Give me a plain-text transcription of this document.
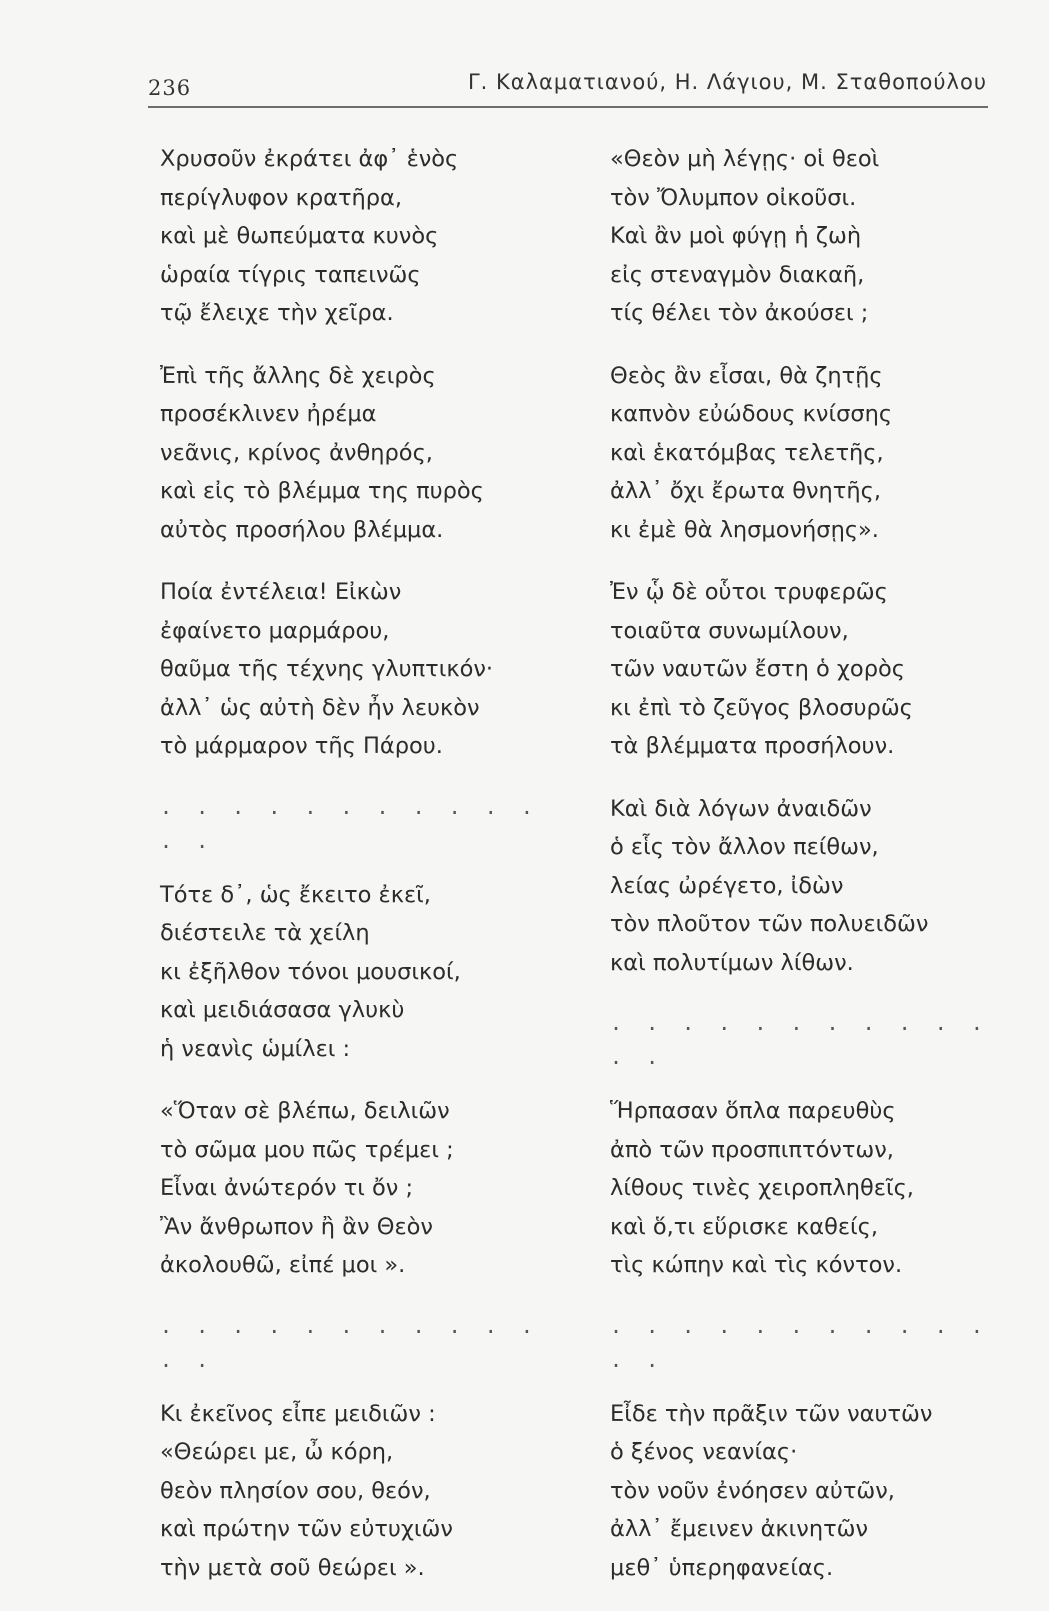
236	Γ. Καλαματιανού, Η. Λάγιου, Μ. Σταθοπούλου
Χρυσοῦν ἐκράτει ἀφ᾽ ἑνὸς
περίγλυφον κρατῆρα,
καὶ μὲ θωπεύματα κυνὸς
ὡραία τίγρις ταπεινῶς
τῷ ἔλειχε τὴν χεῖρα.
Ἐπὶ τῆς ἄλλης δὲ χειρὸς
προσέκλινεν ἠρέμα
νεᾶνις, κρίνος ἀνθηρός,
καὶ εἰς τὸ βλέμμα της πυρὸς
αὐτὸς προσήλου βλέμμα.
Ποία ἐντέλεια! Εἰκὼν
ἐφαίνετο μαρμάρου,
θαῦμα τῆς τέχνης γλυπτικόν·
ἀλλ᾽ ὡς αὐτὴ δὲν ἦν λευκὸν
τὸ μάρμαρον τῆς Πάρου.
. . . . . . . . . . . . .
Τότε δ᾽, ὡς ἔκειτο ἐκεῖ,
διέστειλε τὰ χείλη
κι ἐξῆλθον τόνοι μουσικοί,
καὶ μειδιάσασα γλυκὺ
ἡ νεανὶς ὡμίλει :
«Ὅταν σὲ βλέπω, δειλιῶν
τὸ σῶμα μου πῶς τρέμει ;
Εἶναι ἀνώτερόν τι ὄν ;
Ἂν ἄνθρωπον ἢ ἂν Θεὸν
ἀκολουθῶ, εἰπέ μοι ».
. . . . . . . . . . . . .
Κι ἐκεῖνος εἶπε μειδιῶν :
«Θεώρει με, ὦ κόρη,
θεὸν πλησίον σου, θεόν,
καὶ πρώτην τῶν εὐτυχιῶν
τὴν μετὰ σοῦ θεώρει ».
«Θεὸν μὴ λέγῃς· οἱ θεοὶ
τὸν Ὄλυμπον οἰκοῦσι.
Καὶ ἂν μοὶ φύγῃ ἡ ζωὴ
εἰς στεναγμὸν διακαῆ,
τίς θέλει τὸν ἀκούσει ;
Θεὸς ἂν εἶσαι, θὰ ζητῇς
καπνὸν εὐώδους κνίσσης
καὶ ἑκατόμβας τελετῆς,
ἀλλ᾽ ὄχι ἔρωτα θνητῆς,
κι ἐμὲ θὰ λησμονήσῃς».
Ἐν ᾧ δὲ οὗτοι τρυφερῶς
τοιαῦτα συνωμίλουν,
τῶν ναυτῶν ἔστη ὁ χορὸς
κι ἐπὶ τὸ ζεῦγος βλοσυρῶς
τὰ βλέμματα προσήλουν.
Καὶ διὰ λόγων ἀναιδῶν
ὁ εἷς τὸν ἄλλον πείθων,
λείας ὠρέγετο, ἰδὼν
τὸν πλοῦτον τῶν πολυειδῶν
καὶ πολυτίμων λίθων.
. . . . . . . . . . . . .
Ἥρπασαν ὅπλα παρευθὺς
ἀπὸ τῶν προσπιπτόντων,
λίθους τινὲς χειροπληθεῖς,
καὶ ὅ,τι εὕρισκε καθείς,
τὶς κώπην καὶ τὶς κόντον.
. . . . . . . . . . . . .
Εἶδε τὴν πρᾶξιν τῶν ναυτῶν
ὁ ξένος νεανίας·
τὸν νοῦν ἐνόησεν αὐτῶν,
ἀλλ᾽ ἔμεινεν ἀκινητῶν
μεθ᾽ ὑπερηφανείας.
